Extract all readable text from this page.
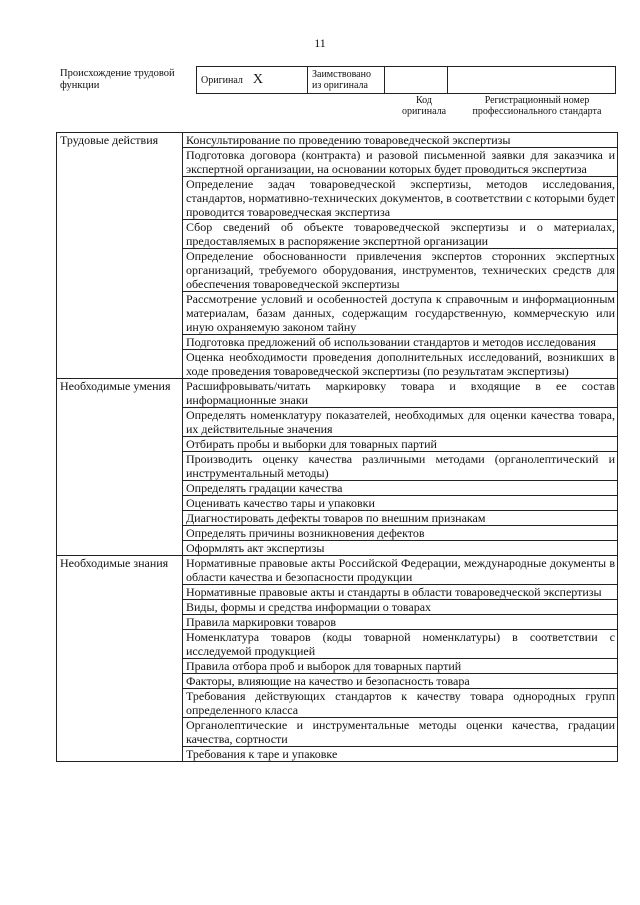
11
Происхождение трудовой функции	Оригинал X	Заимствовано из оригинала		
Код оригинала
Регистрационный номер профессионального стандарта
Трудовые действия	Консультирование по проведению товароведческой экспертизы
	Подготовка договора (контракта) и разовой письменной заявки для заказчика и экспертной организации, на основании которых будет проводиться экспертиза
	Определение задач товароведческой экспертизы, методов исследования, стандартов, нормативно-технических документов, в соответствии с которыми будет проводится товароведческая экспертиза
	Сбор сведений об объекте товароведческой экспертизы и о материалах, предоставляемых в распоряжение экспертной организации
	Определение обоснованности привлечения экспертов сторонних экспертных организаций, требуемого оборудования, инструментов, технических средств для обеспечения товароведческой экспертизы
	Рассмотрение условий и особенностей доступа к справочным и информационным материалам, базам данных, содержащим государственную, коммерческую или иную охраняемую законом тайну
	Подготовка предложений об использовании стандартов и методов исследования
	Оценка необходимости проведения дополнительных исследований, возникших в ходе проведения товароведческой экспертизы (по результатам экспертизы)
Необходимые умения	Расшифровывать/читать маркировку товара и входящие в ее состав информационные знаки
	Определять номенклатуру показателей, необходимых для оценки качества товара, их действительные значения
	Отбирать пробы и выборки для товарных партий
	Производить оценку качества различными методами (органолептический и инструментальный методы)
	Определять градации качества
	Оценивать качество тары и упаковки
	Диагностировать дефекты товаров по внешним признакам
	Определять причины возникновения дефектов
	Оформлять акт экспертизы
Необходимые знания	Нормативные правовые акты Российской Федерации, международные документы в области качества и безопасности продукции
	Нормативные правовые акты и стандарты в области товароведческой экспертизы
	Виды, формы и средства информации о товарах
	Правила маркировки товаров
	Номенклатура товаров (коды товарной номенклатуры) в соответствии с исследуемой продукцией
	Правила отбора проб и выборок для товарных партий
	Факторы, влияющие на качество и безопасность товара
	Требования действующих стандартов к качеству товара однородных групп определенного класса
	Органолептические и инструментальные методы оценки качества, градации качества, сортности
	Требования к таре и упаковке
